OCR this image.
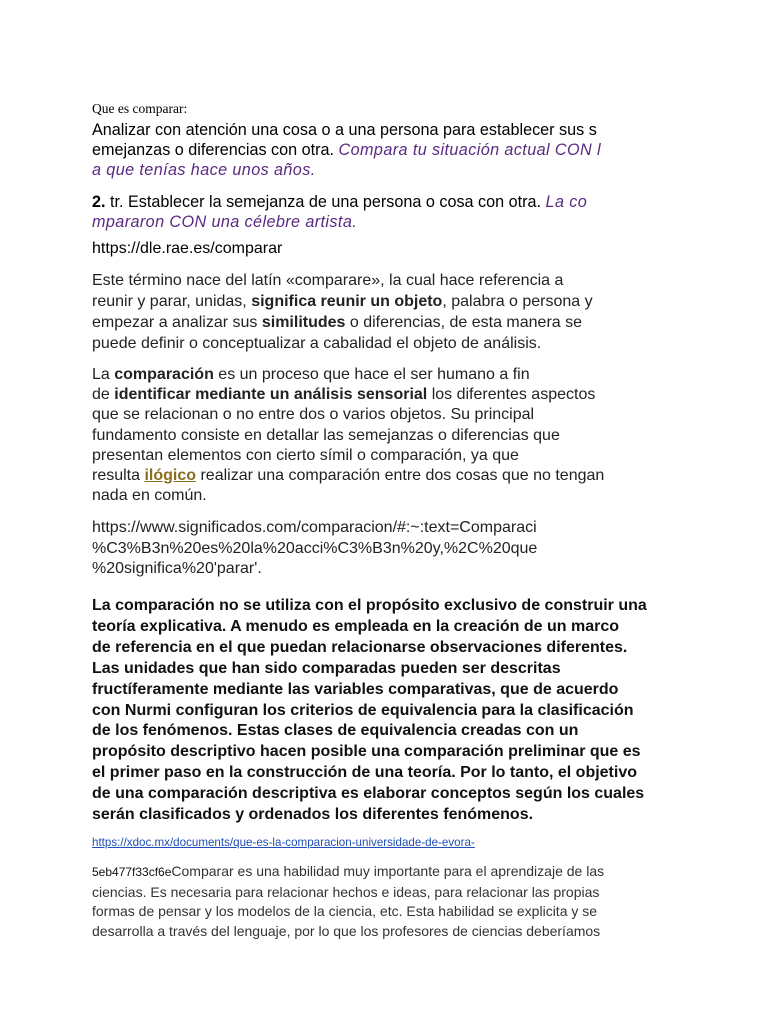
Que es comparar:
Analizar con atención una cosa o a una persona para establecer sus s
emejanzas o diferencias con otra. Compara tu situación actual CON l
a que tenías hace unos años.
2. tr. Establecer la semejanza de una persona o cosa con otra. La co
mpararon CON una célebre artista.
https://dle.rae.es/comparar
Este término nace del latín «comparare», la cual hace referencia a
reunir y parar, unidas, significa reunir un objeto, palabra o persona y
empezar a analizar sus similitudes o diferencias, de esta manera se
puede definir o conceptualizar a cabalidad el objeto de análisis.
La comparación es un proceso que hace el ser humano a fin
de identificar mediante un análisis sensorial los diferentes aspectos
que se relacionan o no entre dos o varios objetos. Su principal
fundamento consiste en detallar las semejanzas o diferencias que
presentan elementos con cierto símil o comparación, ya que
resulta ilógico realizar una comparación entre dos cosas que no tengan
nada en común.
https://www.significados.com/comparacion/#:~:text=Comparaci
%C3%B3n%20es%20la%20acci%C3%B3n%20y,%2C%20que
%20significa%20'parar'.
La comparación no se utiliza con el propósito exclusivo de construir una
teoría explicativa. A menudo es empleada en la creación de un marco
de referencia en el que puedan relacionarse observaciones diferentes.
Las unidades que han sido comparadas pueden ser descritas
fructíferamente mediante las variables comparativas, que de acuerdo
con Nurmi configuran los criterios de equivalencia para la clasificación
de los fenómenos. Estas clases de equivalencia creadas con un
propósito descriptivo hacen posible una comparación preliminar que es
el primer paso en la construcción de una teoría. Por lo tanto, el objetivo
de una comparación descriptiva es elaborar conceptos según los cuales
serán clasificados y ordenados los diferentes fenómenos.
https://xdoc.mx/documents/que-es-la-comparacion-universidade-de-evora-
5eb477f33cf6eComparar es una habilidad muy importante para el aprendizaje de las
ciencias. Es necesaria para relacionar hechos e ideas, para relacionar las propias
formas de pensar y los modelos de la ciencia, etc. Esta habilidad se explicita y se
desarrolla a través del lenguaje, por lo que los profesores de ciencias deberíamos
